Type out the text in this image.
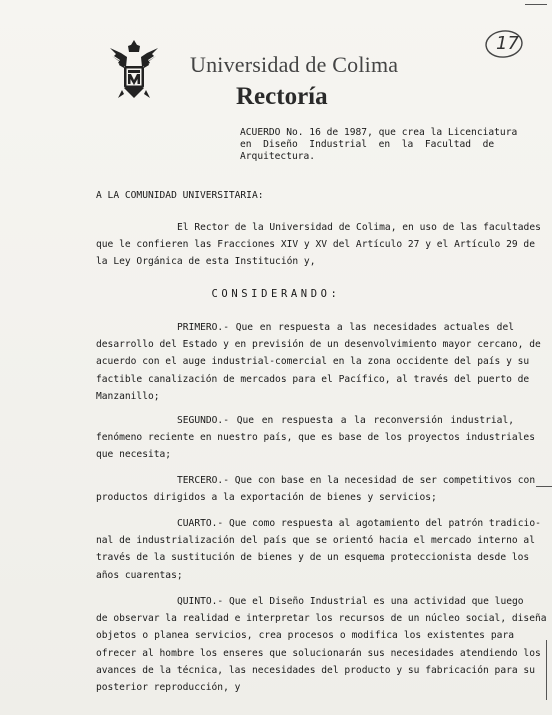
Universidad de Colima
Rectoría
17
ACUERDO No. 16 de 1987, que crea la Licenciatura
en  Diseño  Industrial  en  la  Facultad  de
Arquitectura.
A LA COMUNIDAD UNIVERSITARIA:
El Rector de la Universidad de Colima, en uso de las facultades
que le confieren las Fracciones XIV y XV del Artículo 27 y el Artículo 29 de
la Ley Orgánica de esta Institución y,
CONSIDERANDO:
PRIMERO.- Que en respuesta a las necesidades actuales del
desarrollo del Estado y en previsión de un desenvolvimiento mayor cercano, de
acuerdo con el auge industrial-comercial en la zona occidente del país y su
factible canalización de mercados para el Pacífico, al través del puerto de
Manzanillo;
SEGUNDO.- Que en respuesta a la reconversión industrial,
fenómeno reciente en nuestro país, que es base de los proyectos industriales
que necesita;
TERCERO.- Que con base en la necesidad de ser competitivos con
productos dirigidos a la exportación de bienes y servicios;
CUARTO.- Que como respuesta al agotamiento del patrón tradicio-
nal de industrialización del país que se orientó hacia el mercado interno al
través de la sustitución de bienes y de un esquema proteccionista desde los
años cuarentas;
QUINTO.- Que el Diseño Industrial es una actividad que luego
de observar la realidad e interpretar los recursos de un núcleo social, diseña
objetos o planea servicios, crea procesos o modifica los existentes para
ofrecer al hombre los enseres que solucionarán sus necesidades atendiendo los
avances de la técnica, las necesidades del producto y su fabricación para su
posterior reproducción, y
